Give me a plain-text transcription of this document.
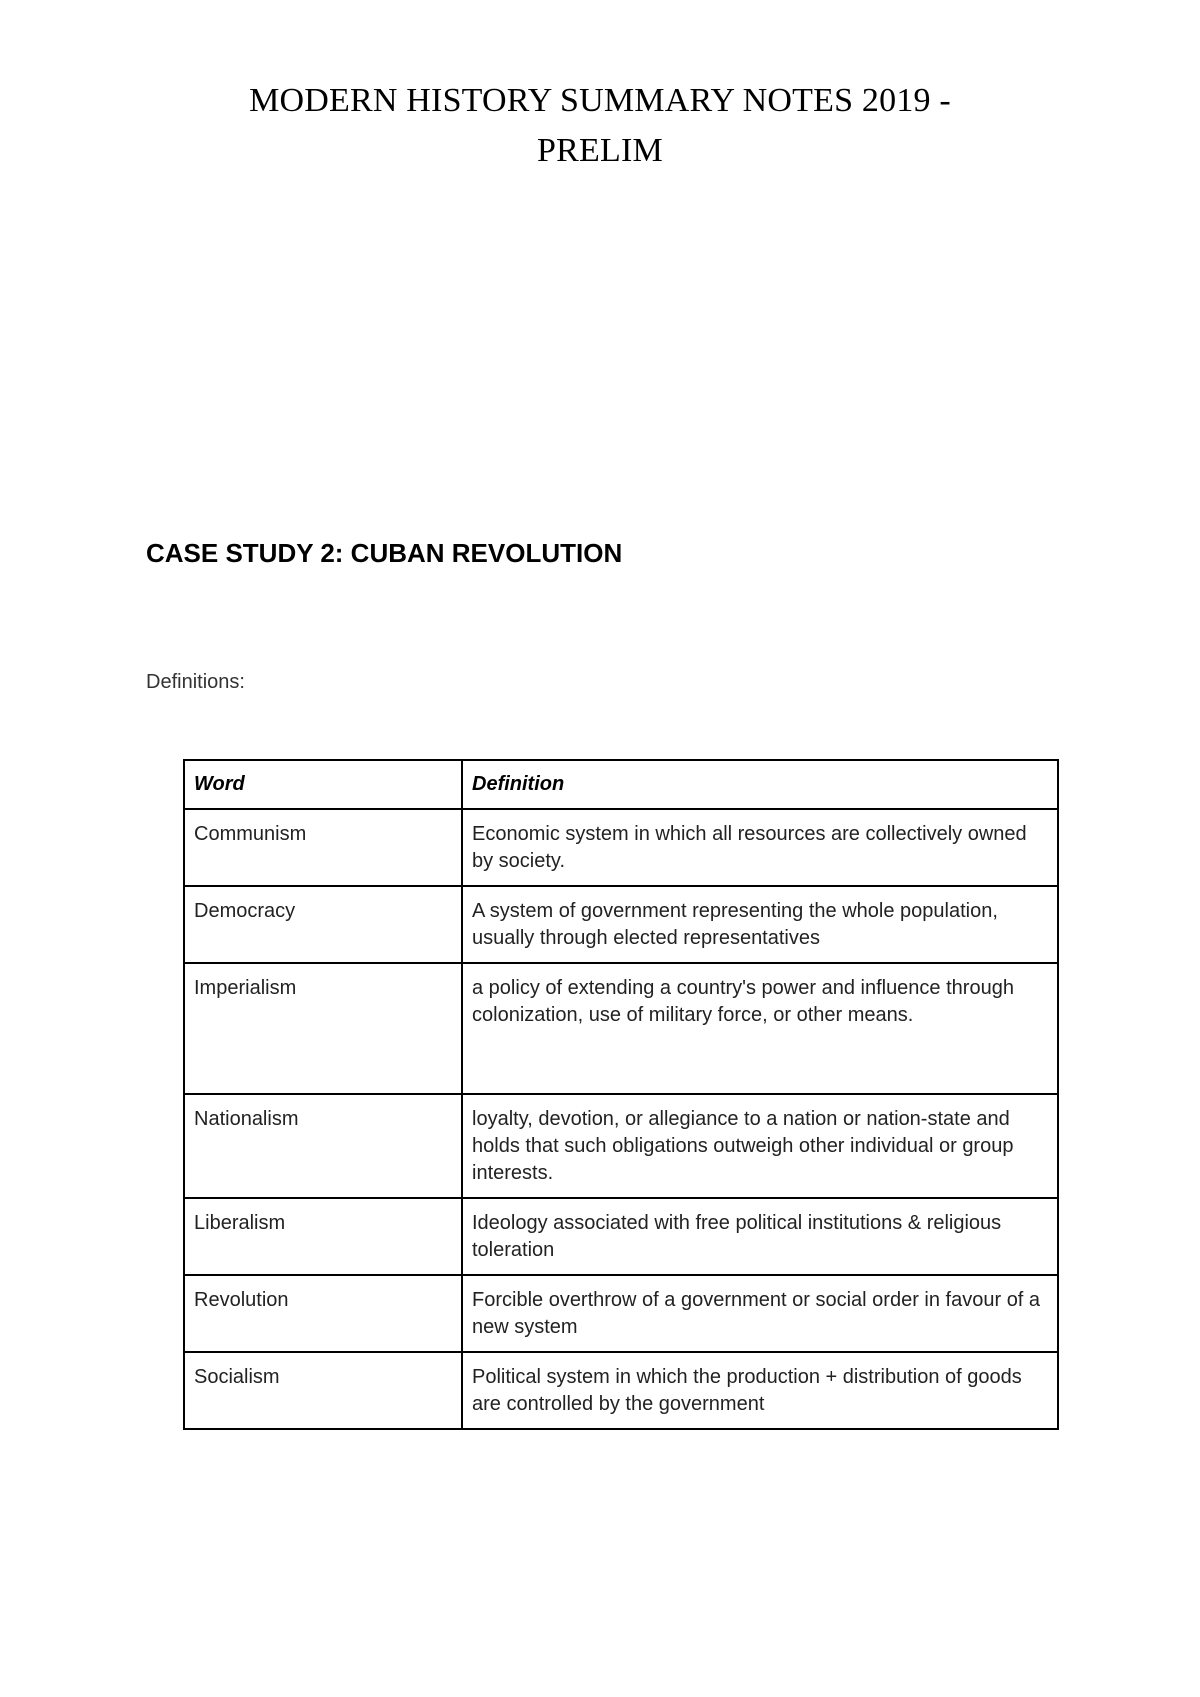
MODERN HISTORY SUMMARY NOTES 2019 -
PRELIM
CASE STUDY 2: CUBAN REVOLUTION

Definitions:

Word	Definition
Communism	Economic system in which all resources are collectively owned by society.
Democracy	A system of government representing the whole population, usually through elected representatives
Imperialism	a policy of extending a country's power and influence through colonization, use of military force, or other means.
Nationalism	loyalty, devotion, or allegiance to a nation or nation-state and holds that such obligations outweigh other individual or group interests.
Liberalism	Ideology associated with free political institutions & religious toleration
Revolution	Forcible overthrow of a government or social order in favour of a new system
Socialism	Political system in which the production + distribution of goods are controlled by the government
